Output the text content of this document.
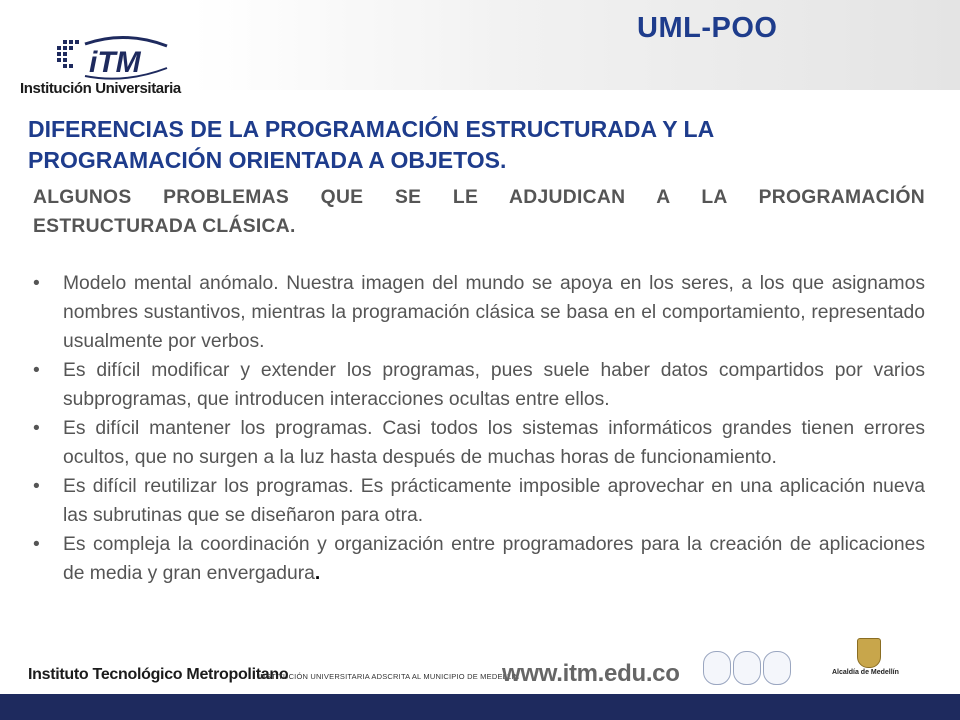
iTM
Institución Universitaria
UML-POO
DIFERENCIAS DE LA PROGRAMACIÓN ESTRUCTURADA Y LA
PROGRAMACIÓN ORIENTADA A OBJETOS.

ALGUNOS PROBLEMAS QUE SE LE ADJUDICAN A LA PROGRAMACIÓN

ESTRUCTURADA CLÁSICA.

• Modelo mental anómalo. Nuestra imagen del mundo se apoya en los seres, a los que asignamos nombres sustantivos, mientras la programación clásica se basa en el comportamiento, representado usualmente por verbos.
• Es difícil modificar y extender los programas, pues suele haber datos compartidos por varios subprogramas, que introducen interacciones ocultas entre ellos.
• Es difícil mantener los programas. Casi todos los sistemas informáticos grandes tienen errores ocultos, que no surgen a la luz hasta después de muchas horas de funcionamiento.
• Es difícil reutilizar los programas. Es prácticamente imposible aprovechar en una aplicación nueva las subrutinas que se diseñaron para otra.
• Es compleja la coordinación y organización entre programadores para la creación de aplicaciones de media y gran envergadura.
Instituto Tecnológico Metropolitano
INSTITUCIÓN UNIVERSITARIA ADSCRITA AL MUNICIPIO DE MEDELLÍN
www.itm.edu.co	Alcaldía de Medellín
